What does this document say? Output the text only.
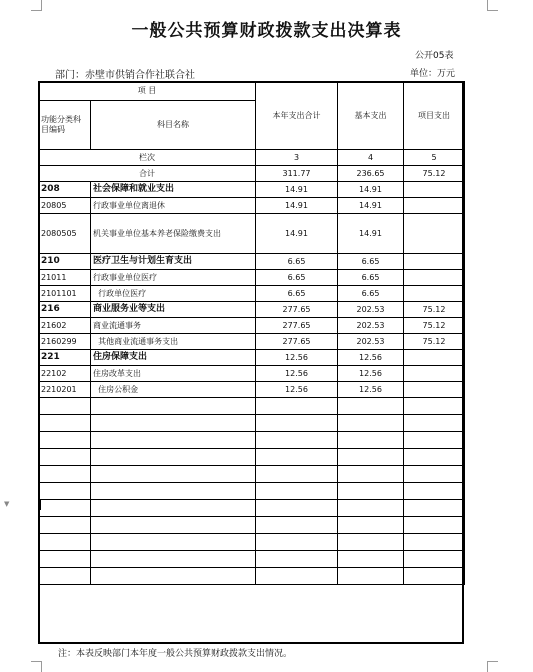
▼
一般公共预算财政拨款支出决算表
公开05表
部门：赤壁市供销合作社联合社	单位：万元
项 目		本年支出合计	基本支出	项目支出
功能分类科目编码	科目名称			
栏次		3	4	5
合计		311.77	236.65	75.12
208	社会保障和就业支出	14.91	14.91	
20805	行政事业单位离退休	14.91	14.91	
2080505	机关事业单位基本养老保险缴费支出	14.91	14.91	
210	医疗卫生与计划生育支出	6.65	6.65	
21011	行政事业单位医疗	6.65	6.65	
2101101	行政单位医疗	6.65	6.65	
216	商业服务业等支出	277.65	202.53	75.12
21602	商业流通事务	277.65	202.53	75.12
2160299	其他商业流通事务支出	277.65	202.53	75.12
221	住房保障支出	12.56	12.56	
22102	住房改革支出	12.56	12.56	
2210201	住房公积金	12.56	12.56	

注：本表反映部门本年度一般公共预算财政拨款支出情况。
